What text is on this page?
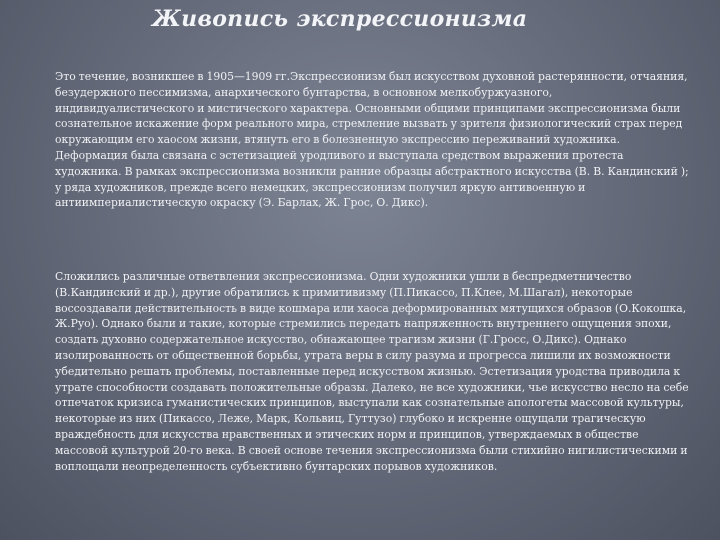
Живопись экспрессионизма

Это течение, возникшее в 1905—1909 гг.Экспрессионизм был искусством духовной растерянности, отчаяния, безудержного пессимизма, анархического бунтарства, в основном мелкобуржуазного, индивидуалистического и мистического характера. Основными общими принципами экспрессионизма были сознательное искажение форм реального мира, стремление вызвать у зрителя физиологический страх перед окружающим его хаосом жизни, втянуть его в болезненную экспрессию переживаний художника. Деформация была связана с эстетизацией уродливого и выступала средством выражения протеста художника. В рамках экспрессионизма возникли ранние образцы абстрактного искусства (В. В. Кандинский ); у ряда художников, прежде всего немецких, экспрессионизм получил яркую антивоенную и антиимпериалистическую окраску (Э. Барлах, Ж. Грос, О. Дикс).

Сложились различные ответвления экспрессионизма. Одни художники ушли в беспредметничество (В.Кандинский и др.), другие обратились к примитивизму (П.Пикассо, П.Клее, М.Шагал), некоторые воссоздавали действительность в виде кошмара или хаоса деформированных мятущихся образов (О.Кокошка, Ж.Руо). Однако были и такие, которые стремились передать напряженность внутреннего ощущения эпохи, создать духовно содержательное искусство, обнажающее трагизм жизни (Г.Гросс, О.Дикс). Однако изолированность от общественной борьбы, утрата веры в силу разума и прогресса лишили их возможности убедительно решать проблемы, поставленные перед искусством жизнью. Эстетизация уродства приводила к утрате способности создавать положительные образы. Далеко, не все художники, чье искусство несло на себе отпечаток кризиса гуманистических принципов, выступали как сознательные апологеты массовой культуры, некоторые из них (Пикассо, Леже, Марк, Кольвиц, Гуттузо) глубоко и искренне ощущали трагическую враждебность для искусства нравственных и этических норм и принципов, утверждаемых в обществе массовой культурой 20-го века. В своей основе течения экспрессионизма были стихийно нигилистическими и воплощали неопределенность субъективно бунтарских порывов художников.
